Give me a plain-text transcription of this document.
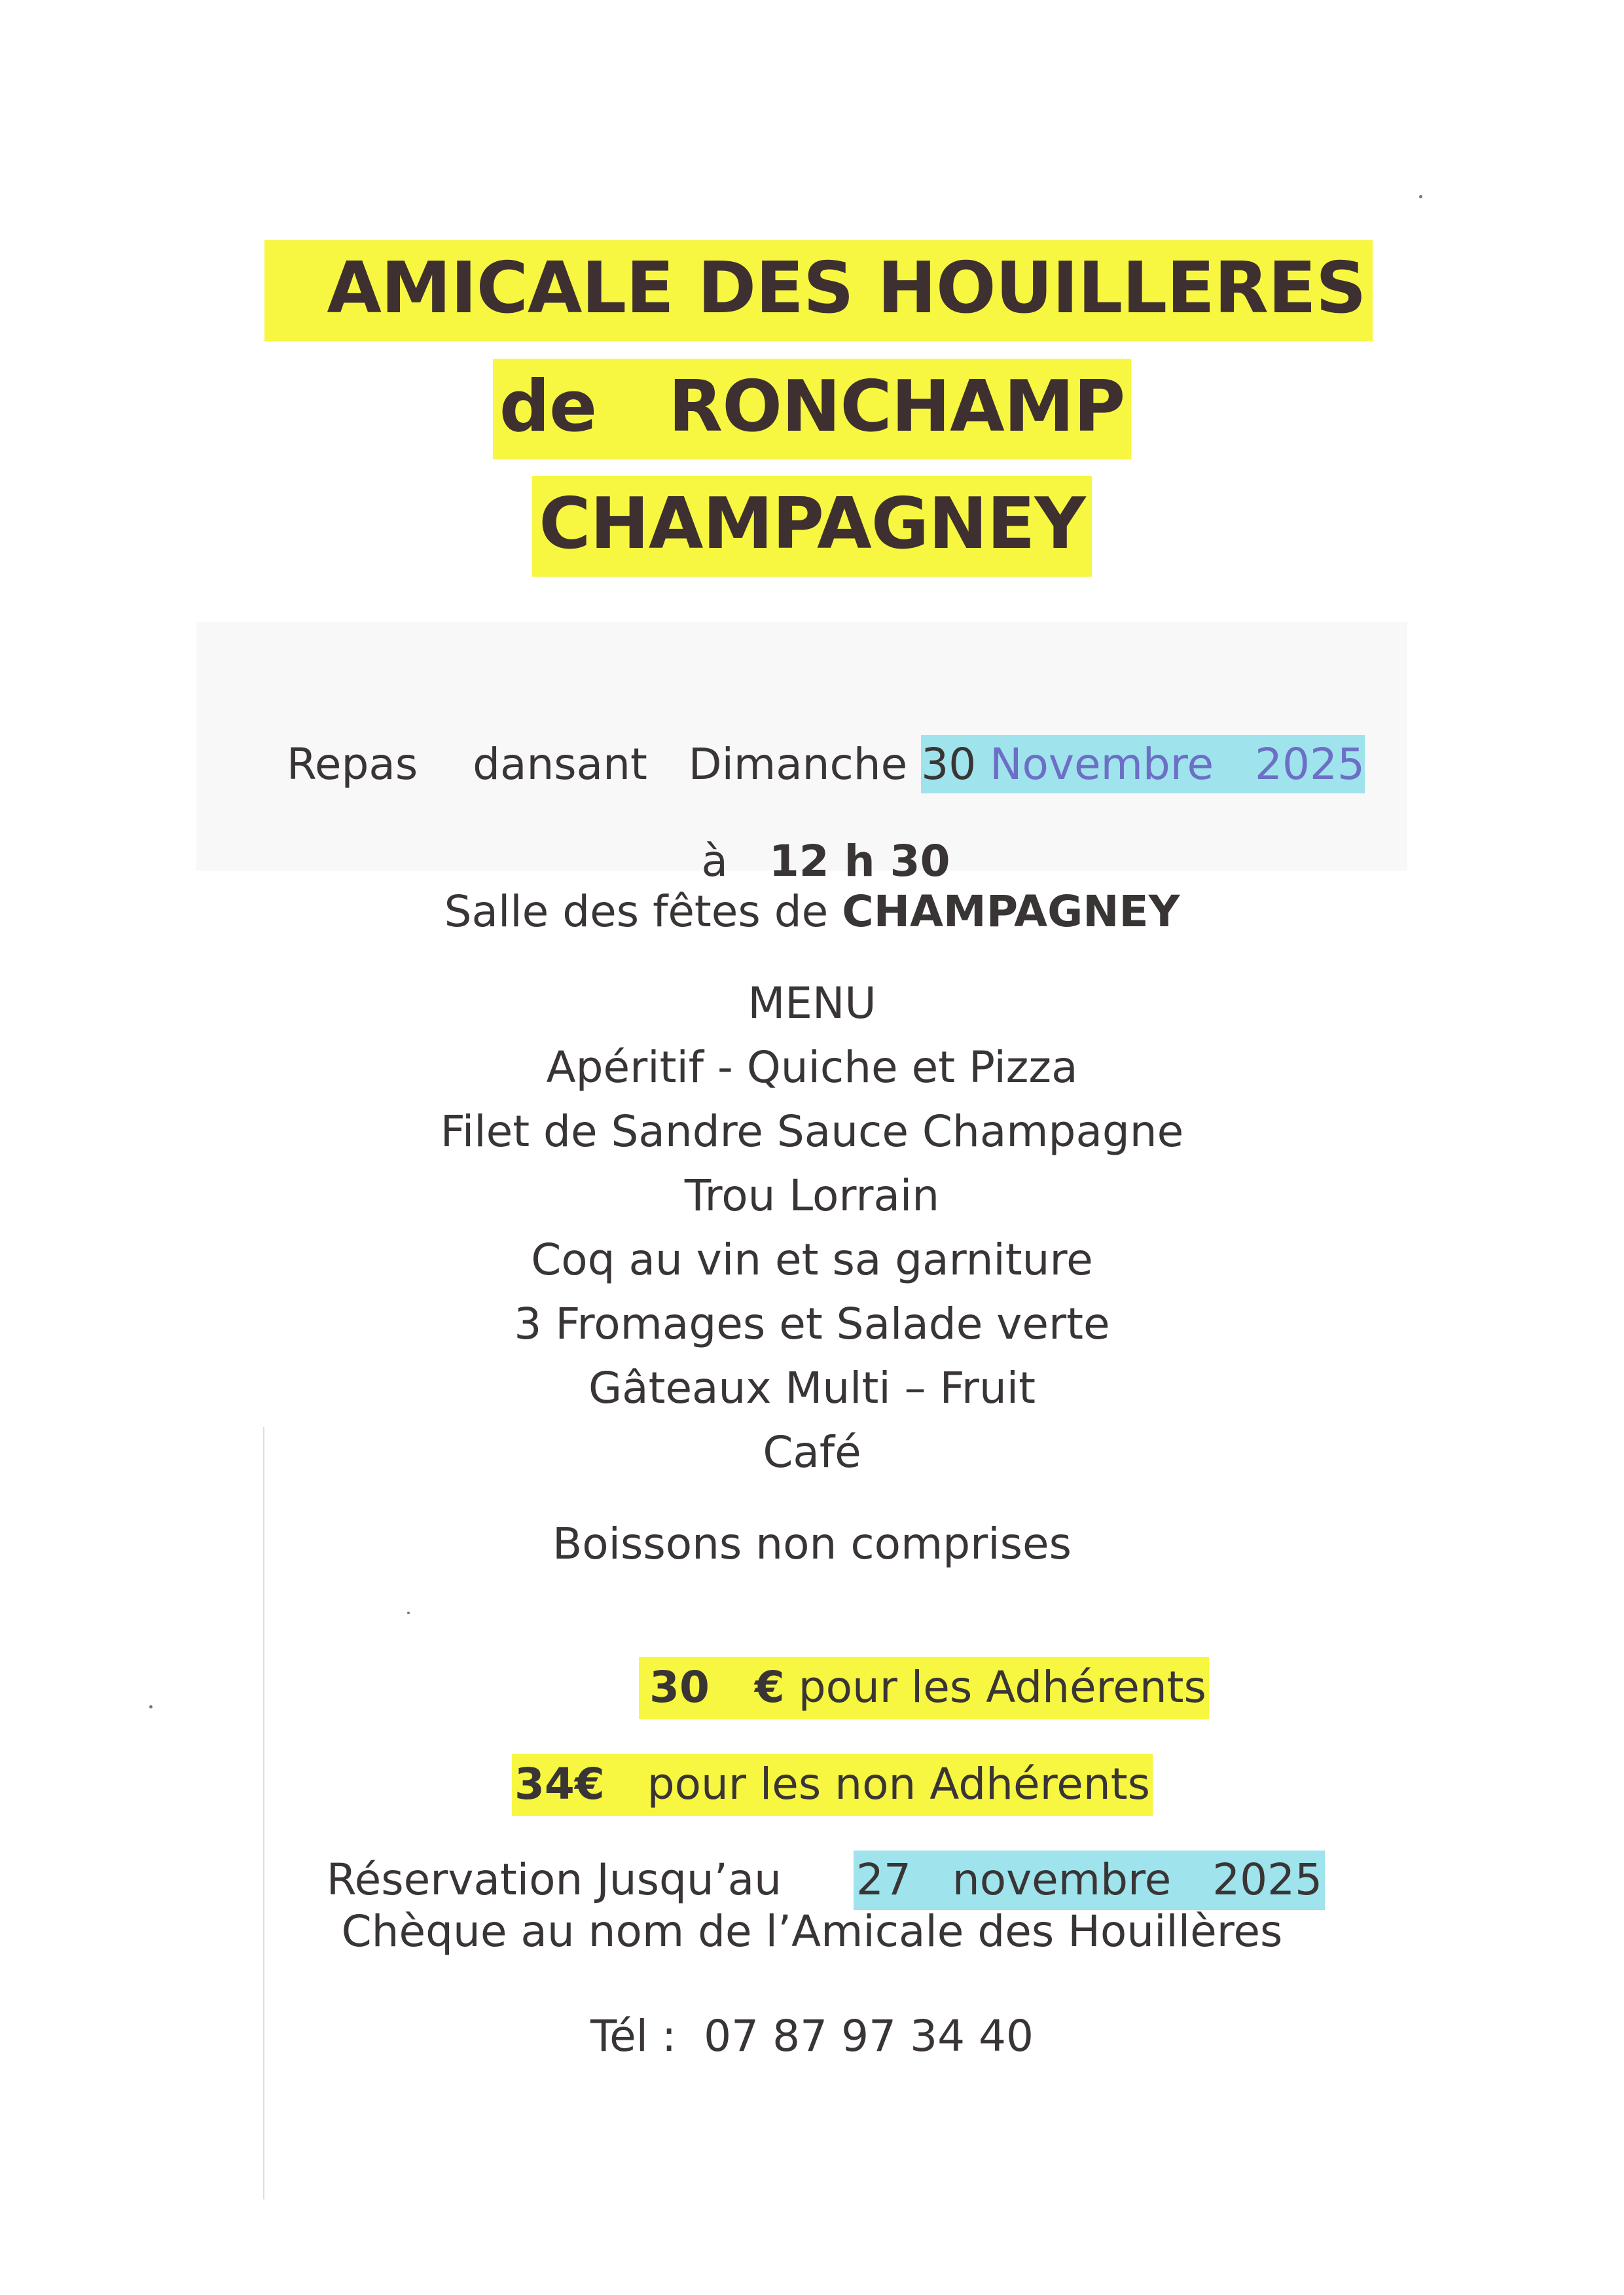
AMICALE DES HOUILLERES
de   RONCHAMP
CHAMPAGNEY

Repas    dansant   Dimanche 30 Novembre   2025

à   12 h 30

Salle des fêtes de CHAMPAGNEY
MENU
Apéritif - Quiche et Pizza
Filet de Sandre Sauce Champagne
Trou Lorrain
Coq au vin et sa garniture
3 Fromages et Salade verte
Gâteaux Multi – Fruit
Café
Boissons non comprises

30   € pour les Adhérents

34€   pour les non Adhérents

Réservation Jusqu’au 27   novembre   2025

Chèque au nom de l’Amicale des Houillères
Tél :  07 87 97 34 40
